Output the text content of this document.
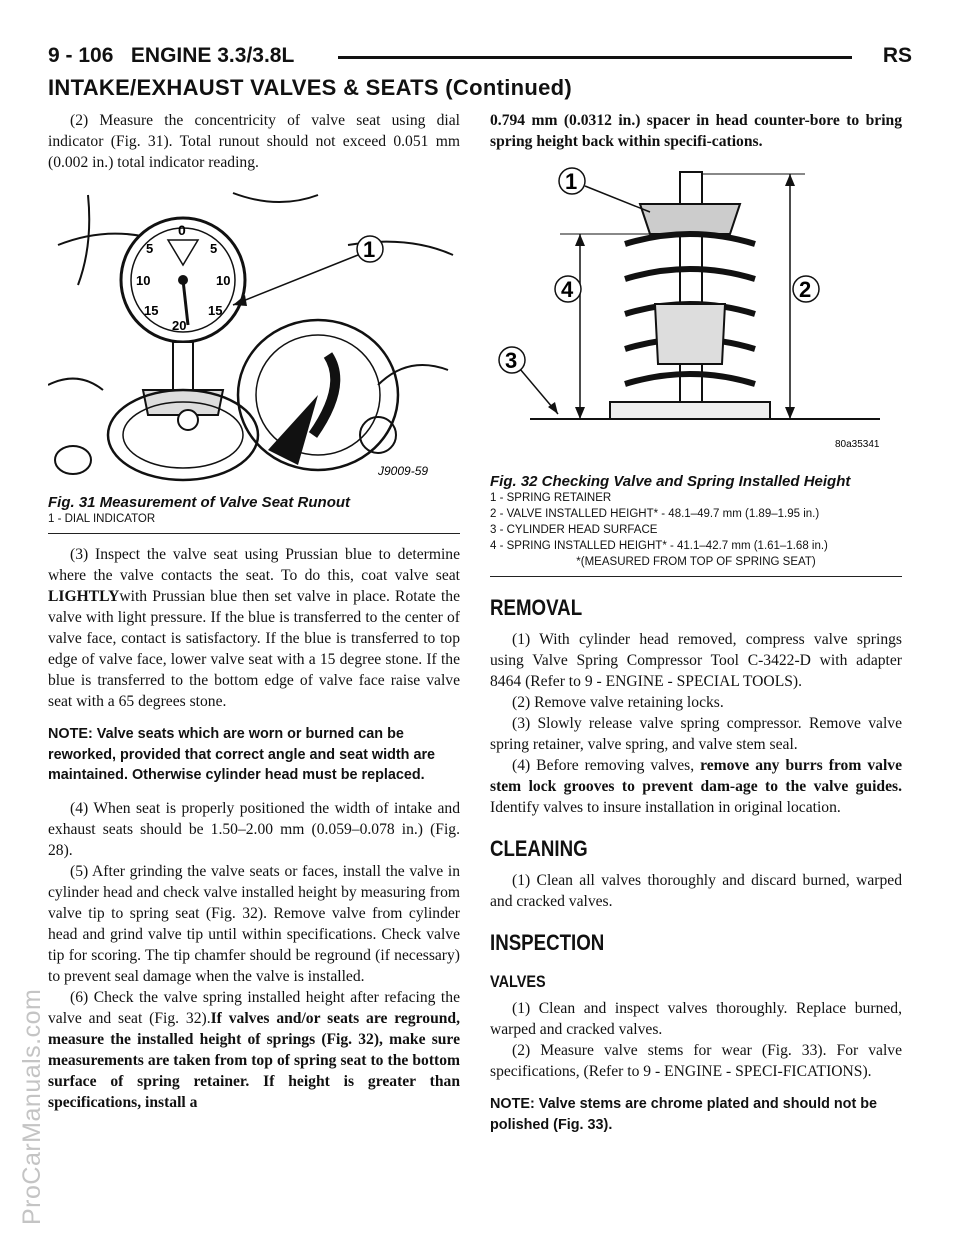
ProCarManuals.com
9 - 106 ENGINE 3.3/3.8L	RS
INTAKE/EXHAUST VALVES & SEATS (Continued)

(2) Measure the concentricity of valve seat using dial indicator (Fig. 31). Total runout should not exceed 0.051 mm (0.002 in.) total indicator reading.

0
5	5
10	10
15	15
20
1
J9009-59
Fig. 31 Measurement of Valve Seat Runout
1 - DIAL INDICATOR

(3) Inspect the valve seat using Prussian blue to determine where the valve contacts the seat. To do this, coat valve seat LIGHTLYwith Prussian blue then set valve in place. Rotate the valve with light pressure. If the blue is transferred to the center of valve face, contact is satisfactory. If the blue is transferred to top edge of valve face, lower valve seat with a 15 degree stone. If the blue is transferred to the bottom edge of valve face raise valve seat with a 65 degrees stone.

NOTE: Valve seats which are worn or burned can be reworked, provided that correct angle and seat width are maintained. Otherwise cylinder head must be replaced.

(4) When seat is properly positioned the width of intake and exhaust seats should be 1.50–2.00 mm (0.059–0.078 in.) (Fig. 28).

(5) After grinding the valve seats or faces, install the valve in cylinder head and check valve installed height by measuring from valve tip to spring seat (Fig. 32). Remove valve from cylinder head and grind valve tip until within specifications. Check valve tip for scoring. The tip chamfer should be reground (if necessary) to prevent seal damage when the valve is installed.

(6) Check the valve spring installed height after refacing the valve and seat (Fig. 32).If valves and/or seats are reground, measure the installed height of springs (Fig. 32), make sure measurements are taken from top of spring seat to the bottom surface of spring retainer. If height is greater than specifications, install a

0.794 mm (0.0312 in.) spacer in head counter-bore to bring spring height back within specifi-cations.

1
4	2
3
80a35341
Fig. 32 Checking Valve and Spring Installed Height
1 - SPRING RETAINER
2 - VALVE INSTALLED HEIGHT* - 48.1–49.7 mm (1.89–1.95 in.)
3 - CYLINDER HEAD SURFACE
4 - SPRING INSTALLED HEIGHT* - 41.1–42.7 mm (1.61–1.68 in.)
*(MEASURED FROM TOP OF SPRING SEAT)
REMOVAL

(1) With cylinder head removed, compress valve springs using Valve Spring Compressor Tool C-3422-D with adapter 8464 (Refer to 9 - ENGINE - SPECIAL TOOLS).

(2) Remove valve retaining locks.

(3) Slowly release valve spring compressor. Remove valve spring retainer, valve spring, and valve stem seal.

(4) Before removing valves, remove any burrs from valve stem lock grooves to prevent dam-age to the valve guides. Identify valves to insure installation in original location.

CLEANING

(1) Clean all valves thoroughly and discard burned, warped and cracked valves.

INSPECTION
VALVES

(1) Clean and inspect valves thoroughly. Replace burned, warped and cracked valves.

(2) Measure valve stems for wear (Fig. 33). For valve specifications, (Refer to 9 - ENGINE - SPECI-FICATIONS).

NOTE: Valve stems are chrome plated and should not be polished (Fig. 33).
